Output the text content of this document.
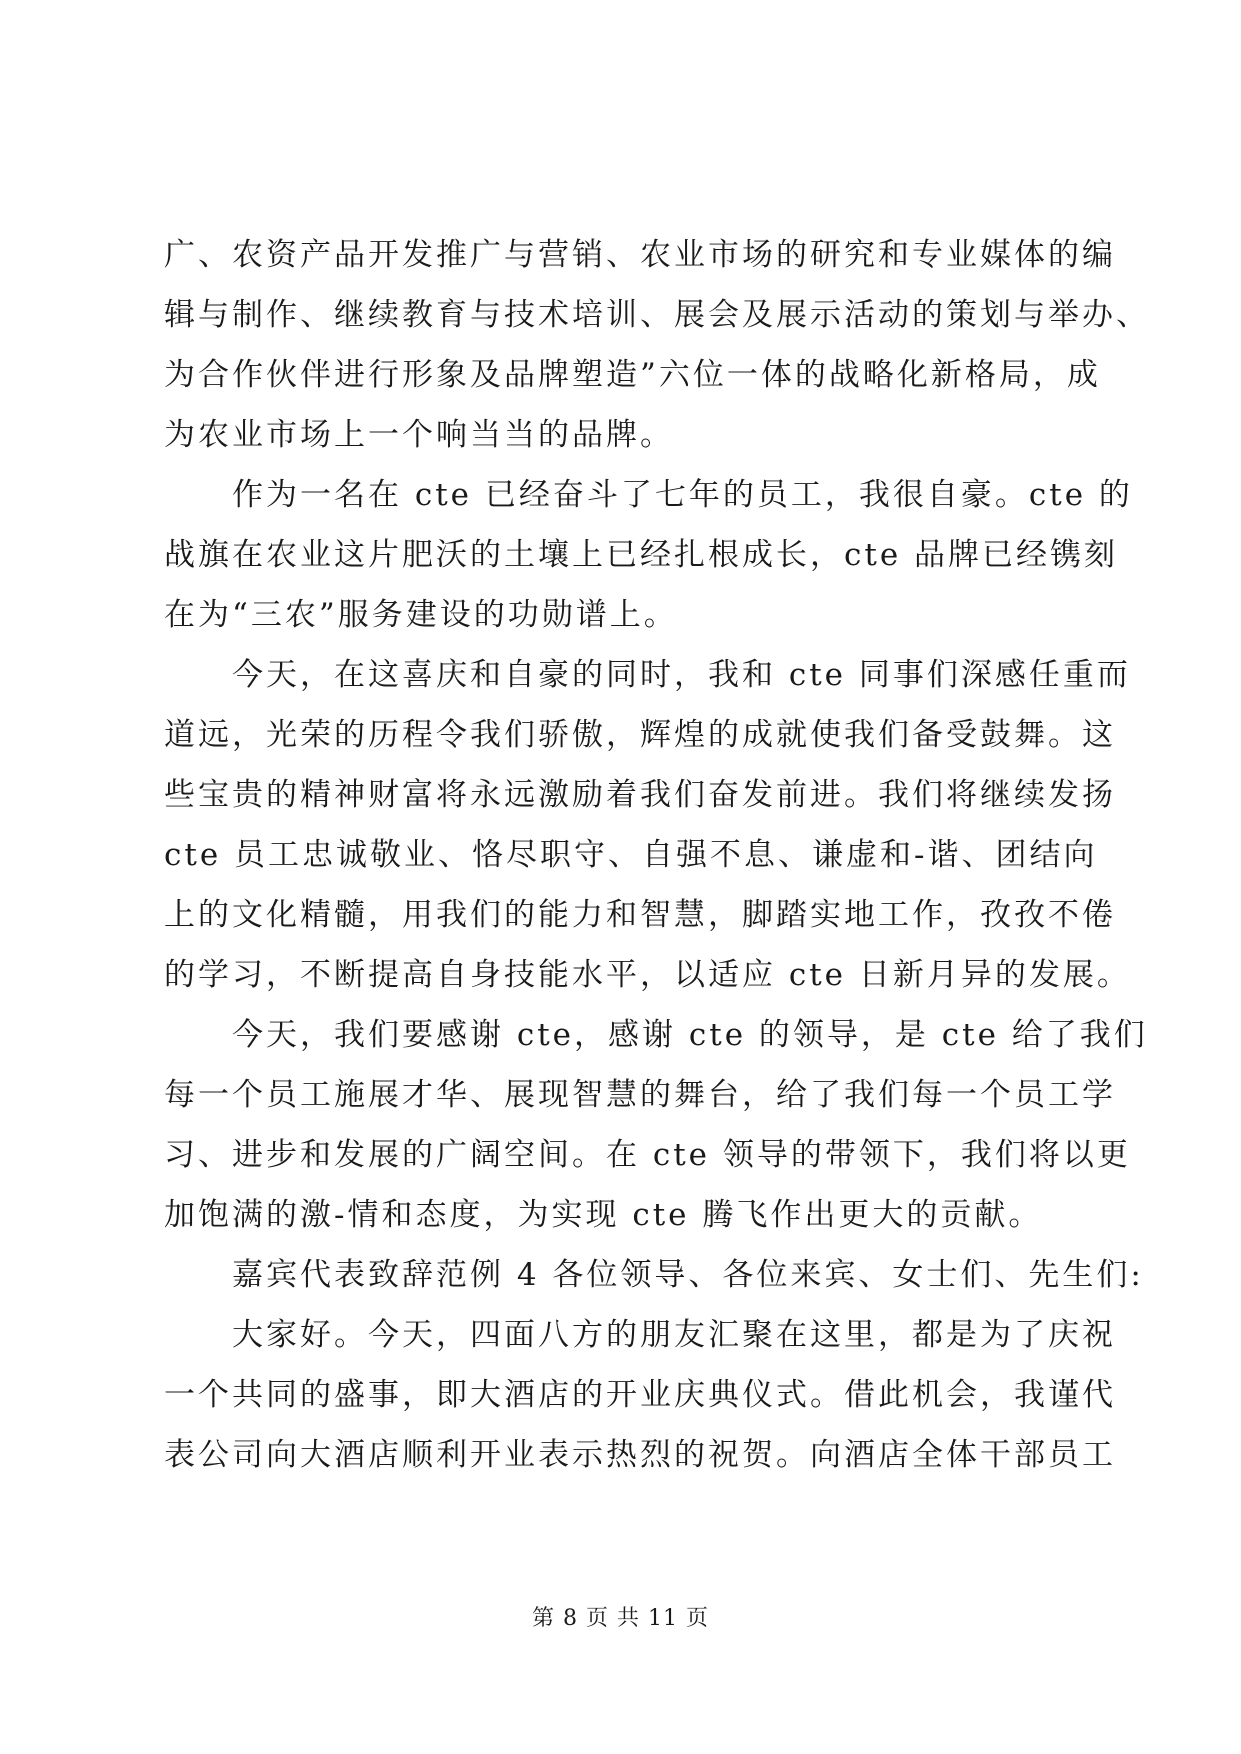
广、农资产品开发推广与营销、农业市场的研究和专业媒体的编
辑与制作、继续教育与技术培训、展会及展示活动的策划与举办、
为合作伙伴进行形象及品牌塑造”六位一体的战略化新格局，成
为农业市场上一个响当当的品牌。
作为一名在 cte 已经奋斗了七年的员工，我很自豪。cte 的
战旗在农业这片肥沃的土壤上已经扎根成长，cte 品牌已经镌刻
在为“三农”服务建设的功勋谱上。
今天，在这喜庆和自豪的同时，我和 cte 同事们深感任重而
道远，光荣的历程令我们骄傲，辉煌的成就使我们备受鼓舞。这
些宝贵的精神财富将永远激励着我们奋发前进。我们将继续发扬
cte 员工忠诚敬业、恪尽职守、自强不息、谦虚和-谐、团结向
上的文化精髓，用我们的能力和智慧，脚踏实地工作，孜孜不倦
的学习，不断提高自身技能水平，以适应 cte 日新月异的发展。
今天，我们要感谢 cte，感谢 cte 的领导，是 cte 给了我们
每一个员工施展才华、展现智慧的舞台，给了我们每一个员工学
习、进步和发展的广阔空间。在 cte 领导的带领下，我们将以更
加饱满的激-情和态度，为实现 cte 腾飞作出更大的贡献。
嘉宾代表致辞范例 4 各位领导、各位来宾、女士们、先生们:
大家好。今天，四面八方的朋友汇聚在这里，都是为了庆祝
一个共同的盛事，即大酒店的开业庆典仪式。借此机会，我谨代
表公司向大酒店顺利开业表示热烈的祝贺。向酒店全体干部员工
第 8 页 共 11 页
